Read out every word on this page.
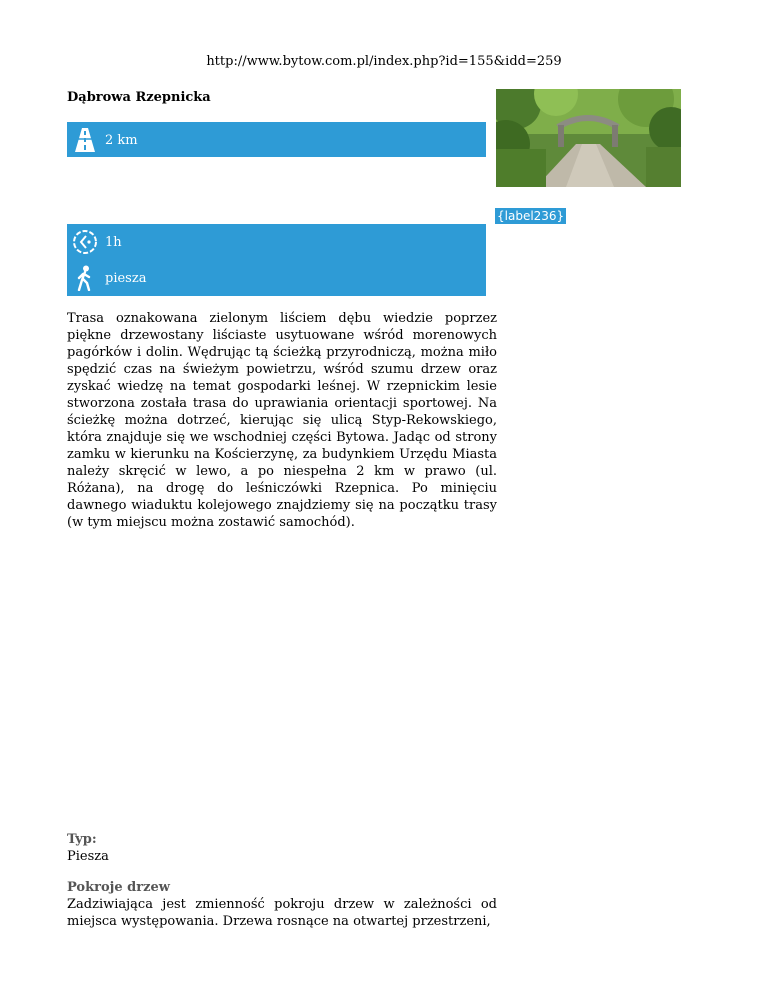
http://www.bytow.com.pl/index.php?id=155&idd=259
Dąbrowa Rzepnicka
2 km
{label236}
1h
piesza
Trasa oznakowana zielonym liściem dębu wiedzie poprzez piękne drzewostany liściaste usytuowane wśród morenowych pagórków i dolin. Wędrując tą ścieżką przyrodniczą, można miło spędzić czas na świeżym powietrzu, wśród szumu drzew oraz zyskać wiedzę na temat gospodarki leśnej. W rzepnickim lesie stworzona została trasa do uprawiania orientacji sportowej. Na ścieżkę można dotrzeć, kierując się ulicą Styp-Rekowskiego, która znajduje się we wschodniej części Bytowa. Jadąc od strony zamku w kierunku na Kościerzynę, za budynkiem Urzędu Miasta należy skręcić w lewo, a po niespełna 2 km w prawo (ul. Różana), na drogę do leśniczówki Rzepnica. Po minięciu dawnego wiaduktu kolejowego znajdziemy się na początku trasy (w tym miejscu można zostawić samochód).
Typ:
Piesza
Pokroje drzew
Zadziwiająca jest zmienność pokroju drzew w zależności od miejsca występowania. Drzewa rosnące na otwartej przestrzeni,
